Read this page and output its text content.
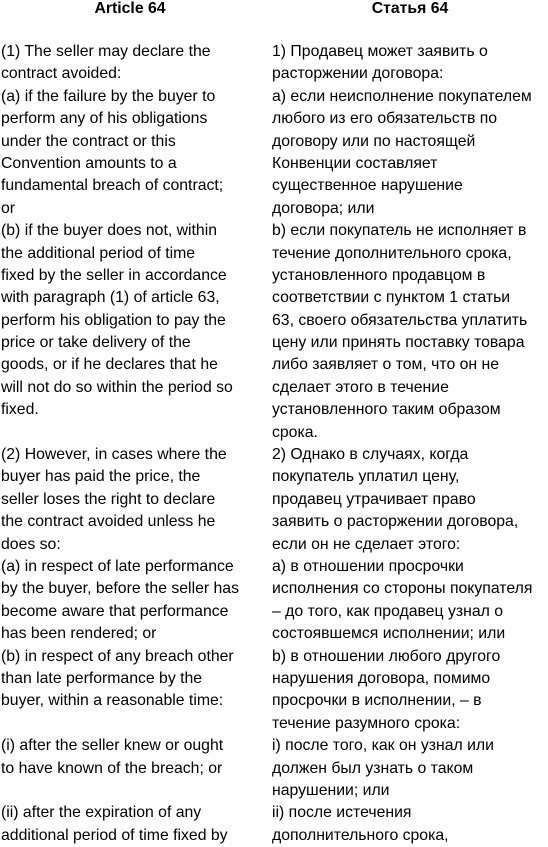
Article 64
(1) The seller may declare the
contract avoided:
(a) if the failure by the buyer to
perform any of his obligations
under the contract or this
Convention amounts to a
fundamental breach of contract;
or
(b) if the buyer does not, within
the additional period of time
fixed by the seller in accordance
with paragraph (1) of article 63,
perform his obligation to pay the
price or take delivery of the
goods, or if he declares that he
will not do so within the period so
fixed.
(2) However, in cases where the
buyer has paid the price, the
seller loses the right to declare
the contract avoided unless he
does so:
(a) in respect of late performance
by the buyer, before the seller has
become aware that performance
has been rendered; or
(b) in respect of any breach other
than late performance by the
buyer, within a reasonable time:
(i) after the seller knew or ought
to have known of the breach; or
(ii) after the expiration of any
additional period of time fixed by
Статья 64
1) Продавец может заявить о
расторжении договора:
а) если неисполнение покупателем
любого из его обязательств по
договору или по настоящей
Конвенции составляет
существенное нарушение
договора; или
b) если покупатель не исполняет в
течение дополнительного срока,
установленного продавцом в
соответствии с пунктом 1 статьи
63, своего обязательства уплатить
цену или принять поставку товара
либо заявляет о том, что он не
сделает этого в течение
установленного таким образом
срока.
2) Однако в случаях, когда
покупатель уплатил цену,
продавец утрачивает право
заявить о расторжении договора,
если он не сделает этого:
а) в отношении просрочки
исполнения со стороны покупателя
– до того, как продавец узнал о
состоявшемся исполнении; или
b) в отношении любого другого
нарушения договора, помимо
просрочки в исполнении, – в
течение разумного срока:
i) после того, как он узнал или
должен был узнать о таком
нарушении; или
ii) после истечения
дополнительного срока,
